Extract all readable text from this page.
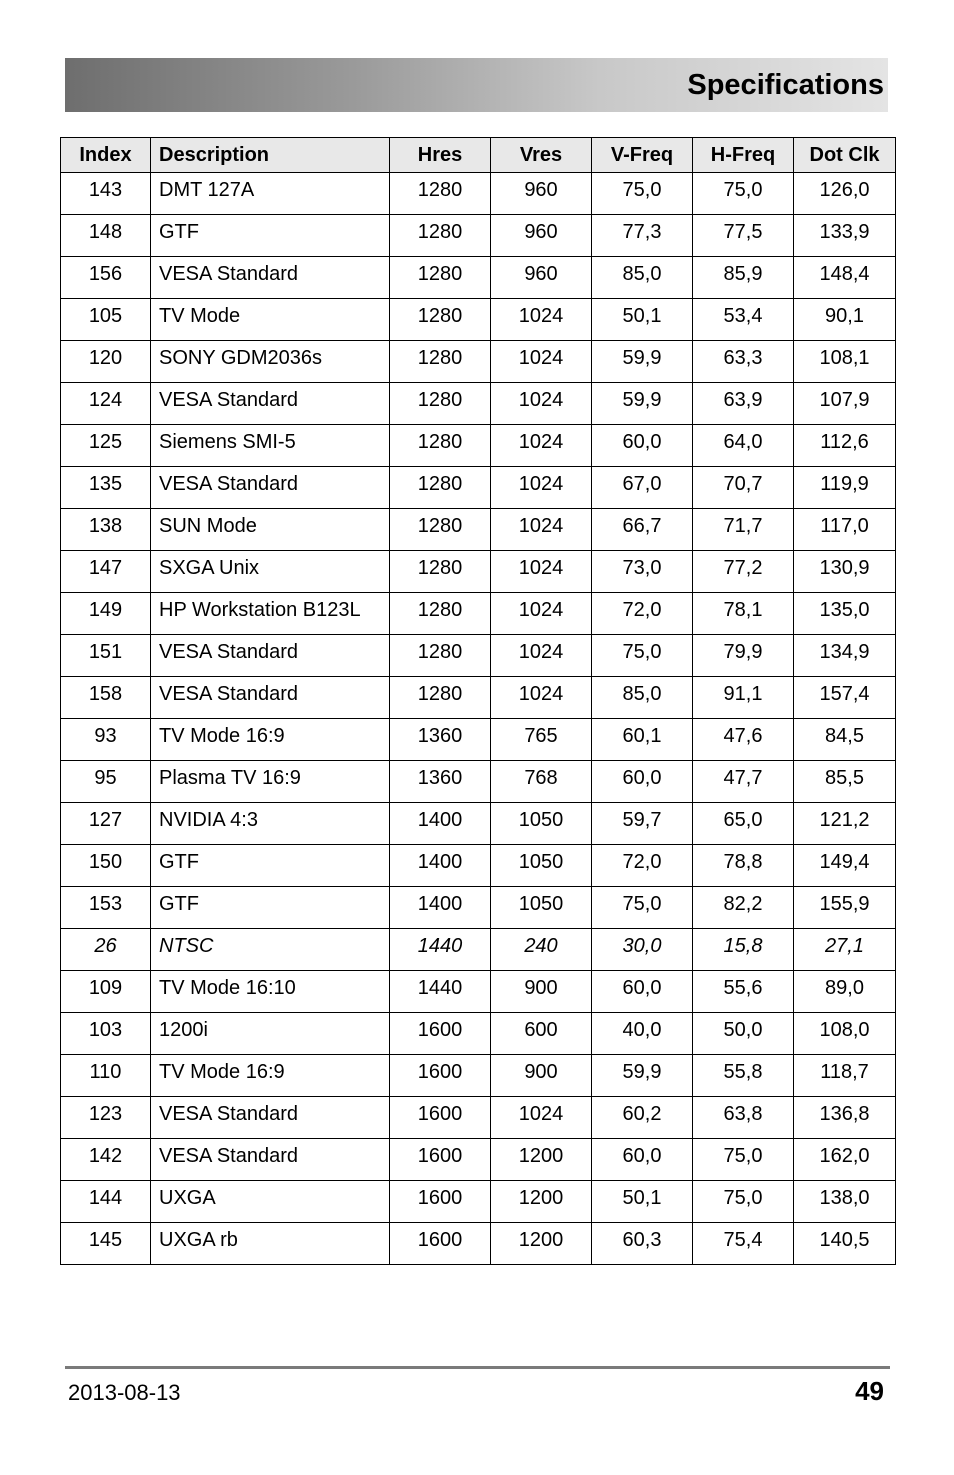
Specifications
Index	Description	Hres	Vres	V-Freq	H-Freq	Dot Clk
143	DMT 127A	1280	960	75,0	75,0	126,0
148	GTF	1280	960	77,3	77,5	133,9
156	VESA Standard	1280	960	85,0	85,9	148,4
105	TV Mode	1280	1024	50,1	53,4	90,1
120	SONY GDM2036s	1280	1024	59,9	63,3	108,1
124	VESA Standard	1280	1024	59,9	63,9	107,9
125	Siemens SMI-5	1280	1024	60,0	64,0	112,6
135	VESA Standard	1280	1024	67,0	70,7	119,9
138	SUN Mode	1280	1024	66,7	71,7	117,0
147	SXGA Unix	1280	1024	73,0	77,2	130,9
149	HP Workstation B123L	1280	1024	72,0	78,1	135,0
151	VESA Standard	1280	1024	75,0	79,9	134,9
158	VESA Standard	1280	1024	85,0	91,1	157,4
93	TV Mode 16:9	1360	765	60,1	47,6	84,5
95	Plasma TV 16:9	1360	768	60,0	47,7	85,5
127	NVIDIA 4:3	1400	1050	59,7	65,0	121,2
150	GTF	1400	1050	72,0	78,8	149,4
153	GTF	1400	1050	75,0	82,2	155,9
26	NTSC	1440	240	30,0	15,8	27,1
109	TV Mode 16:10	1440	900	60,0	55,6	89,0
103	1200i	1600	600	40,0	50,0	108,0
110	TV Mode 16:9	1600	900	59,9	55,8	118,7
123	VESA Standard	1600	1024	60,2	63,8	136,8
142	VESA Standard	1600	1200	60,0	75,0	162,0
144	UXGA	1600	1200	50,1	75,0	138,0
145	UXGA rb	1600	1200	60,3	75,4	140,5
2013-08-13	49
